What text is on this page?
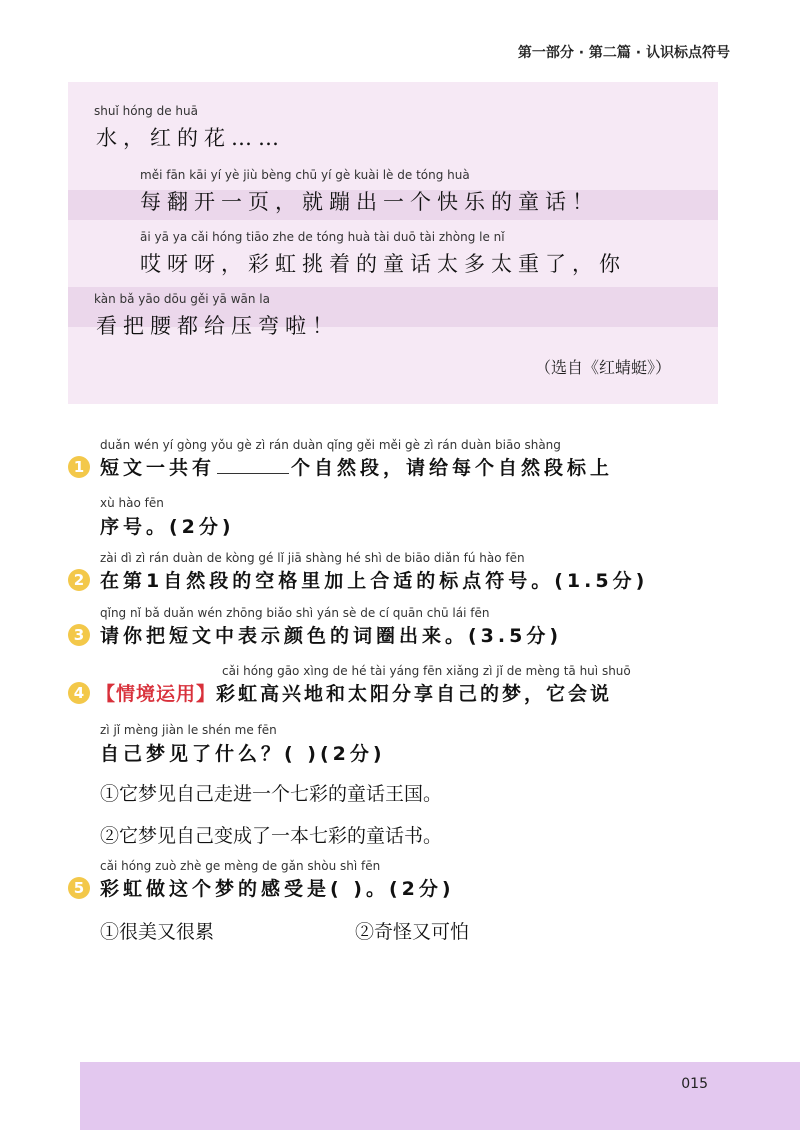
第一部分 · 第二篇 · 认识标点符号
shuǐ hóng de huā
水，红的花……
měi fān kāi yí yè jiù bèng chū yí gè kuài lè de tóng huà
每翻开一页，就蹦出一个快乐的童话！
āi yā ya cǎi hóng tiāo zhe de tóng huà tài duō tài zhòng le nǐ
哎呀呀，彩虹挑着的童话太多太重了，你
kàn bǎ yāo dōu gěi yā wān la
看把腰都给压弯啦！
（选自《红蜻蜓》）
duǎn wén yí gòng yǒu gè zì rán duàn qǐng gěi měi gè zì rán duàn biāo shàng
1 短文一共有	个自然段，请给每个自然段标上
xù hào fēn
序号。(2分)
zài dì zì rán duàn de kòng gé lǐ jiā shàng hé shì de biāo diǎn fú hào fēn
2 在第1自然段的空格里加上合适的标点符号。(1.5分)
qǐng nǐ bǎ duǎn wén zhōng biǎo shì yán sè de cí quān chū lái fēn
3 请你把短文中表示颜色的词圈出来。(3.5分)
cǎi hóng gāo xìng de hé tài yáng fēn xiǎng zì jǐ de mèng tā huì shuō
4 【情境运用】彩虹高兴地和太阳分享自己的梦，它会说
zì jǐ mèng jiàn le shén me fēn
自己梦见了什么？( )(2分)
①它梦见自己走进一个七彩的童话王国。
②它梦见自己变成了一本七彩的童话书。
cǎi hóng zuò zhè ge mèng de gǎn shòu shì fēn
5 彩虹做这个梦的感受是( )。(2分)
①很美又很累	②奇怪又可怕
015
